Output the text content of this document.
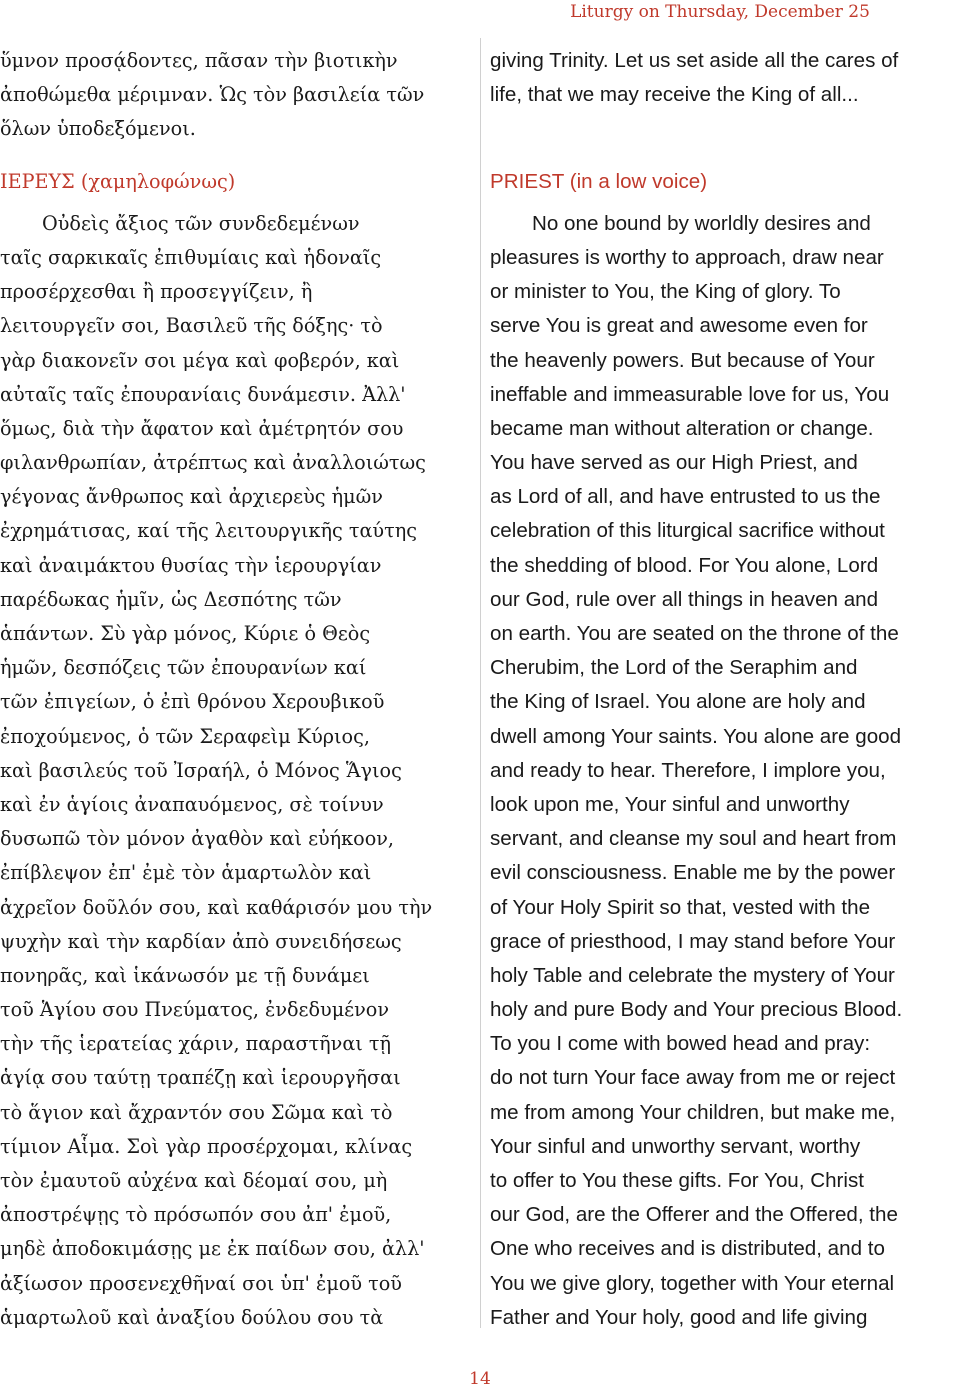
Liturgy on Thursday, December 25
ὕμνον προσᾴδοντες, πᾶσαν τὴν βιοτικὴν
ἀποθώμεθα μέριμναν. Ὡς τὸν βασιλεία τῶν
ὅλων ὑποδεξόμενοι.
ΙΕΡΕΥΣ (χαμηλοφώνως)
Οὐδεὶς ἄξιος τῶν συνδεδεμένων
ταῖς σαρκικαῖς ἐπιθυμίαις καὶ ἡδοναῖς
προσέρχεσθαι ἢ προσεγγίζειν, ἢ
λειτουργεῖν σοι, Βασιλεῦ τῆς δόξης· τὸ
γὰρ διακονεῖν σοι μέγα καὶ φοβερόν, καὶ
αὐταῖς ταῖς ἐπουρανίαις δυνάμεσιν. Ἀλλ'
ὅμως, διὰ τὴν ἄφατον καὶ ἀμέτρητόν σου
φιλανθρωπίαν, ἀτρέπτως καὶ ἀναλλοιώτως
γέγονας ἄνθρωπος καὶ ἀρχιερεὺς ἡμῶν
ἐχρημάτισας, καί τῆς λειτουργικῆς ταύτης
καὶ ἀναιμάκτου θυσίας τὴν ἱερουργίαν
παρέδωκας ἡμῖν, ὡς Δεσπότης τῶν
ἁπάντων. Σὺ γὰρ μόνος, Κύριε ὁ Θεὸς
ἡμῶν, δεσπόζεις τῶν ἐπουρανίων καί
τῶν ἐπιγείων, ὁ ἐπὶ θρόνου Χερουβικοῦ
ἐποχούμενος, ὁ τῶν Σεραφεὶμ Κύριος,
καὶ βασιλεύς τοῦ Ἰσραήλ, ὁ Μόνος Ἅγιος
καὶ ἐν ἁγίοις ἀναπαυόμενος, σὲ τοίνυν
δυσωπῶ τὸν μόνον ἀγαθὸν καὶ εὐήκοον,
ἐπίβλεψον ἐπ' ἐμὲ τὸν ἁμαρτωλὸν καὶ
ἀχρεῖον δοῦλόν σου, καὶ καθάρισόν μου τὴν
ψυχὴν καὶ τὴν καρδίαν ἀπὸ συνειδήσεως
πονηρᾶς, καὶ ἱκάνωσόν με τῇ δυνάμει
τοῦ Ἁγίου σου Πνεύματος, ἐνδεδυμένον
τὴν τῆς ἱερατείας χάριν, παραστῆναι τῇ
ἁγίᾳ σου ταύτῃ τραπέζῃ καὶ ἱερουργῆσαι
τὸ ἅγιον καὶ ἄχραντόν σου Σῶμα καὶ τὸ
τίμιον Αἷμα. Σοὶ γὰρ προσέρχομαι, κλίνας
τὸν ἐμαυτοῦ αὐχένα καὶ δέομαί σου, μὴ
ἀποστρέψῃς τὸ πρόσωπόν σου ἀπ' ἐμοῦ,
μηδὲ ἀποδοκιμάσῃς με ἐκ παίδων σου, ἀλλ'
ἀξίωσον προσενεχθῆναί σοι ὑπ' ἐμοῦ τοῦ
ἁμαρτωλοῦ καὶ ἀναξίου δούλου σου τὰ
giving Trinity. Let us set aside all the cares of
life, that we may receive the King of all...
PRIEST (in a low voice)
No one bound by worldly desires and
pleasures is worthy to approach, draw near
or minister to You, the King of glory. To
serve You is great and awesome even for
the heavenly powers. But because of Your
ineffable and immeasurable love for us, You
became man without alteration or change.
You have served as our High Priest, and
as Lord of all, and have entrusted to us the
celebration of this liturgical sacrifice without
the shedding of blood. For You alone, Lord
our God, rule over all things in heaven and
on earth. You are seated on the throne of the
Cherubim, the Lord of the Seraphim and
the King of Israel. You alone are holy and
dwell among Your saints. You alone are good
and ready to hear. Therefore, I implore you,
look upon me, Your sinful and unworthy
servant, and cleanse my soul and heart from
evil consciousness. Enable me by the power
of Your Holy Spirit so that, vested with the
grace of priesthood, I may stand before Your
holy Table and celebrate the mystery of Your
holy and pure Body and Your precious Blood.
To you I come with bowed head and pray:
do not turn Your face away from me or reject
me from among Your children, but make me,
Your sinful and unworthy servant, worthy
to offer to You these gifts. For You, Christ
our God, are the Offerer and the Offered, the
One who receives and is distributed, and to
You we give glory, together with Your eternal
Father and Your holy, good and life giving
14
